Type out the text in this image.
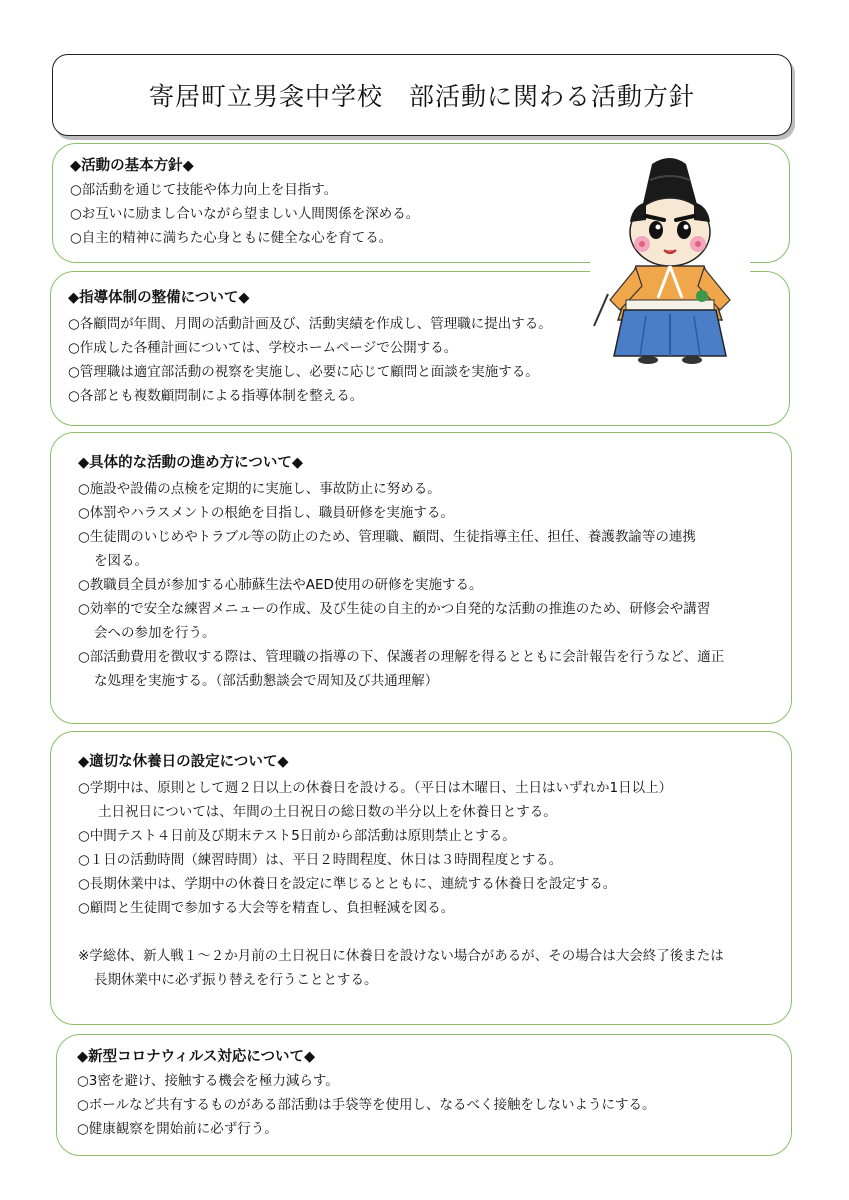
寄居町立男衾中学校　部活動に関わる活動方針
◆活動の基本方針◆
○部活動を通じて技能や体力向上を目指す。
○お互いに励まし合いながら望ましい人間関係を深める。
○自主的精神に満ちた心身ともに健全な心を育てる。
◆指導体制の整備について◆
○各顧問が年間、月間の活動計画及び、活動実績を作成し、管理職に提出する。
○作成した各種計画については、学校ホームページで公開する。
○管理職は適宜部活動の視察を実施し、必要に応じて顧問と面談を実施する。
○各部とも複数顧問制による指導体制を整える。
◆具体的な活動の進め方について◆
○施設や設備の点検を定期的に実施し、事故防止に努める。
○体罰やハラスメントの根絶を目指し、職員研修を実施する。
○生徒間のいじめやトラブル等の防止のため、管理職、顧問、生徒指導主任、担任、養護教諭等の連携
を図る。
○教職員全員が参加する心肺蘇生法やAED使用の研修を実施する。
○効率的で安全な練習メニューの作成、及び生徒の自主的かつ自発的な活動の推進のため、研修会や講習
会への参加を行う。
○部活動費用を徴収する際は、管理職の指導の下、保護者の理解を得るとともに会計報告を行うなど、適正
な処理を実施する。（部活動懇談会で周知及び共通理解）
◆適切な休養日の設定について◆
○学期中は、原則として週２日以上の休養日を設ける。（平日は木曜日、土日はいずれか1日以上）
土日祝日については、年間の土日祝日の総日数の半分以上を休養日とする。
○中間テスト４日前及び期末テスト5日前から部活動は原則禁止とする。
○１日の活動時間（練習時間）は、平日２時間程度、休日は３時間程度とする。
○長期休業中は、学期中の休養日を設定に準じるとともに、連続する休養日を設定する。
○顧問と生徒間で参加する大会等を精査し、負担軽減を図る。
※学総体、新人戦１～２か月前の土日祝日に休養日を設けない場合があるが、その場合は大会終了後または
長期休業中に必ず振り替えを行うこととする。
◆新型コロナウィルス対応について◆
○3密を避け、接触する機会を極力減らす。
○ボールなど共有するものがある部活動は手袋等を使用し、なるべく接触をしないようにする。
○健康観察を開始前に必ず行う。
